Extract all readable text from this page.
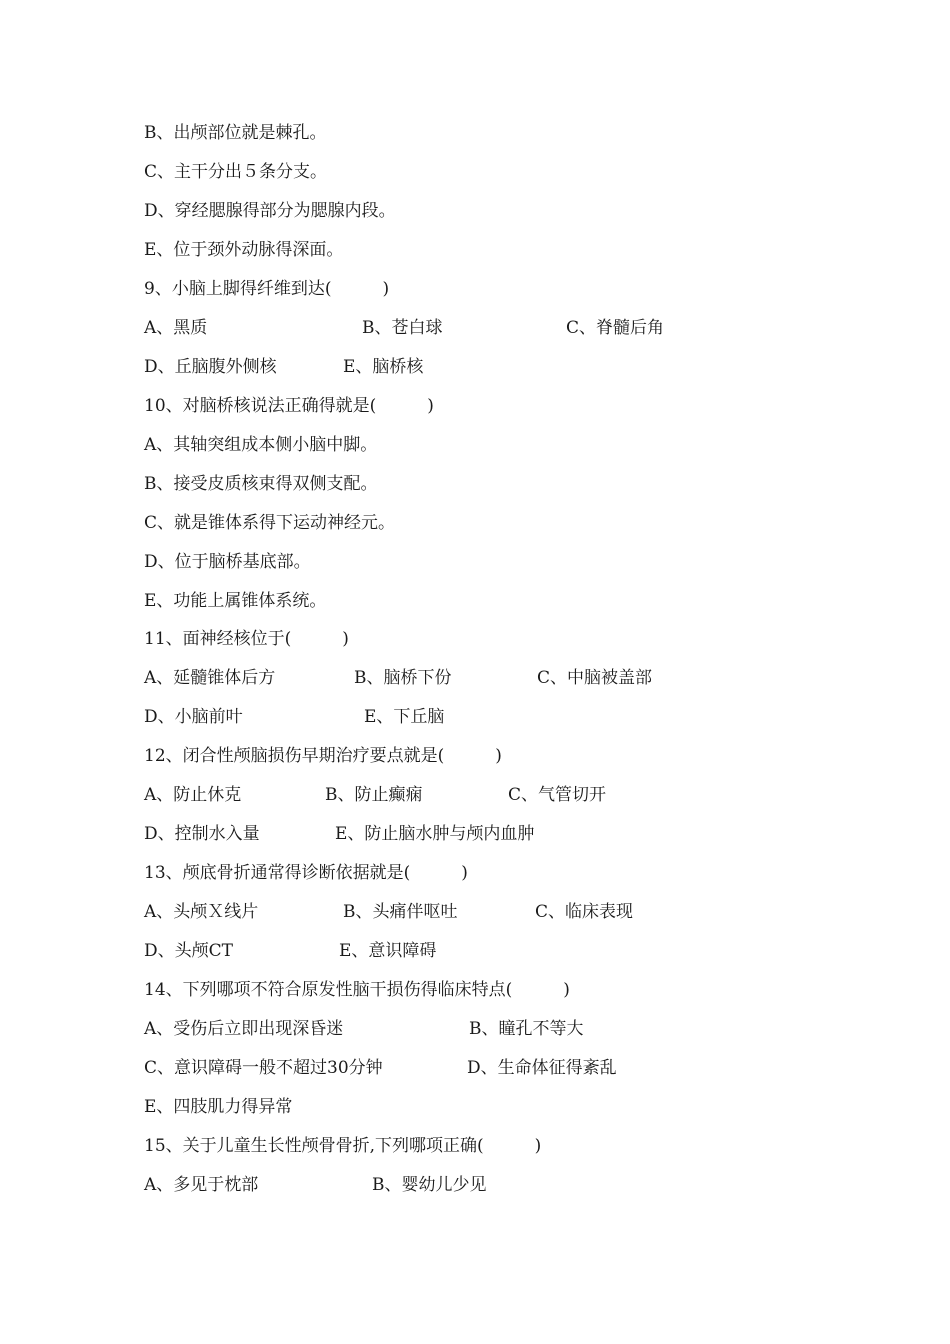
B、出颅部位就是棘孔。
C、主干分出５条分支。
D、穿经腮腺得部分为腮腺内段。
E、位于颈外动脉得深面。
9、小脑上脚得纤维到达(　　　)
A、黑质	B、苍白球	C、脊髓后角
D、丘脑腹外侧核	E、脑桥核
10、对脑桥核说法正确得就是(　　　)
A、其轴突组成本侧小脑中脚。
B、接受皮质核束得双侧支配。
C、就是锥体系得下运动神经元。
D、位于脑桥基底部。
E、功能上属锥体系统。
11、面神经核位于(　　　)
A、延髓锥体后方	B、脑桥下份	C、中脑被盖部
D、小脑前叶	E、下丘脑
12、闭合性颅脑损伤早期治疗要点就是(　　　)
A、防止休克	B、防止癫痫	C、气管切开
D、控制水入量	E、防止脑水肿与颅内血肿
13、颅底骨折通常得诊断依据就是(　　　)
A、头颅Ｘ线片	B、头痛伴呕吐	C、临床表现
D、头颅CT	E、意识障碍
14、下列哪项不符合原发性脑干损伤得临床特点(　　　)
A、受伤后立即出现深昏迷	B、瞳孔不等大
C、意识障碍一般不超过30分钟	D、生命体征得紊乱
E、四肢肌力得异常
15、关于儿童生长性颅骨骨折,下列哪项正确(　　　)
A、多见于枕部	B、婴幼儿少见
